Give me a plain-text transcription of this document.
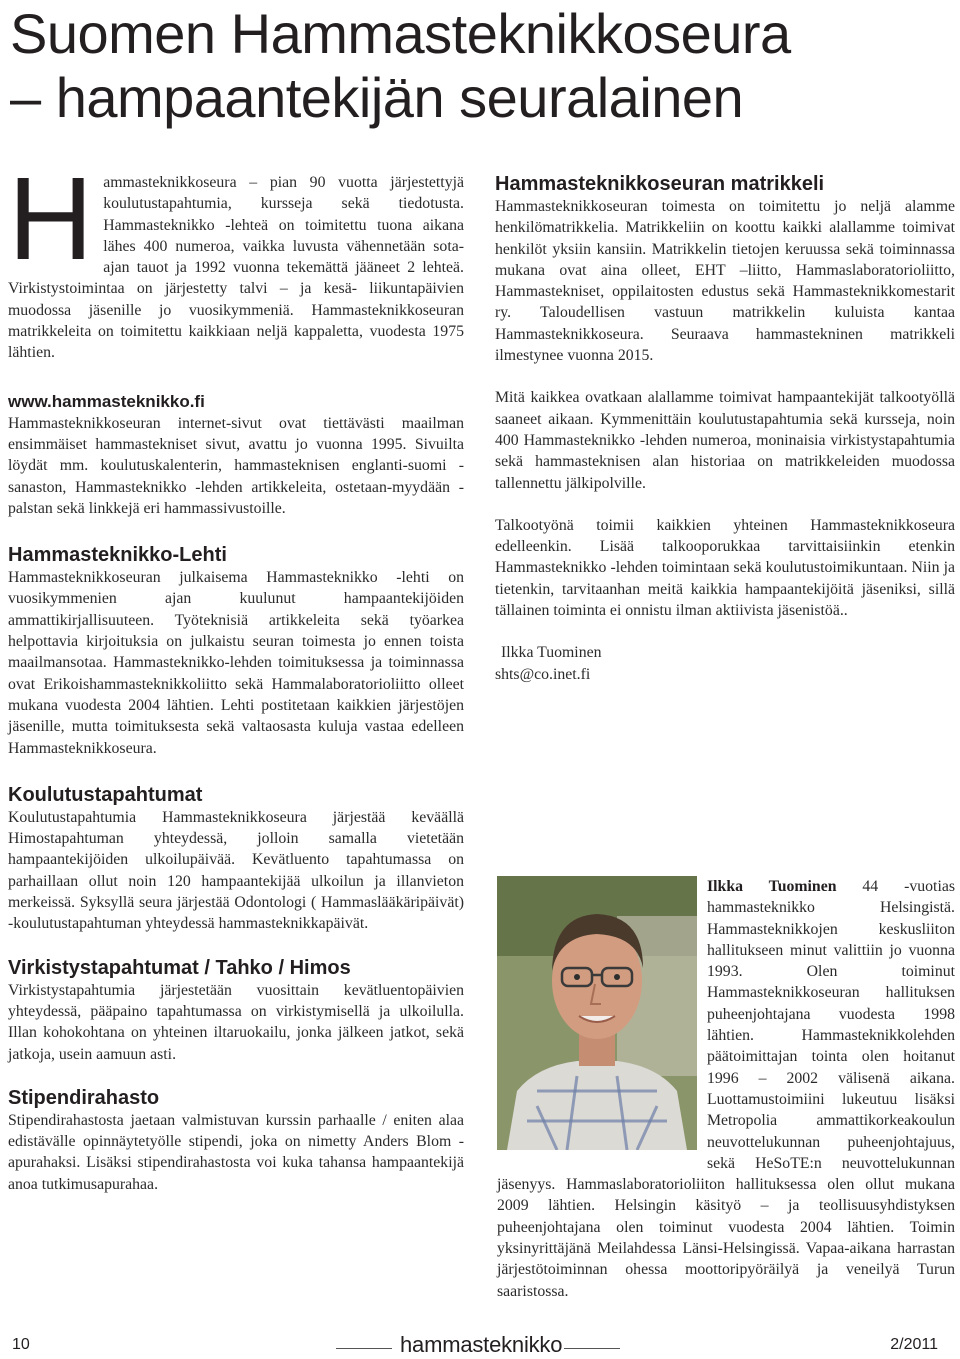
Suomen Hammasteknikkoseura
– hampaantekijän seuralainen

Hammasteknikkoseura – pian 90 vuotta järjestettyjä koulutustapahtumia, kursseja sekä tiedotusta. Hammasteknikko -lehteä on toimitettu tuona aikana lähes 400 numeroa, vaikka luvusta vähennetään sota-ajan tauot ja 1992 vuonna tekemättä jääneet 2 lehteä. Virkistystoimintaa on järjestetty talvi – ja kesä- liikuntapäivien muodossa jäsenille jo vuosikymmeniä. Hammasteknikkoseuran matrikkeleita on toimitettu kaikkiaan neljä kappaletta, vuodesta 1975 lähtien.

www.hammasteknikko.fi

Hammasteknikkoseuran internet-sivut ovat tiettävästi maailman ensimmäiset hammastekniset sivut, avattu jo vuonna 1995. Sivuilta löydät mm. koulutuskalenterin, hammasteknisen englanti-suomi -sanaston, Hammasteknikko -lehden artikkeleita, ostetaan-myydään -palstan sekä linkkejä eri hammassivustoille.

Hammasteknikko-Lehti

Hammasteknikkoseuran julkaisema Hammasteknikko -lehti on vuosikymmenien ajan kuulunut hampaantekijöiden ammattikirjallisuuteen. Työteknisiä artikkeleita sekä työarkea helpottavia kirjoituksia on julkaistu seuran toimesta jo ennen toista maailmansotaa. Hammasteknikko-lehden toimituksessa ja toiminnassa ovat Erikoishammasteknikkoliitto sekä Hammalaboratorioliitto olleet mukana vuodesta 2004 lähtien. Lehti postitetaan kaikkien järjestöjen jäsenille, mutta toimituksesta sekä valtaosasta kuluja vastaa edelleen Hammasteknikkoseura.

Koulutustapahtumat

Koulutustapahtumia Hammasteknikkoseura järjestää keväällä Himostapahtuman yhteydessä, jolloin samalla vietetään hampaantekijöiden ulkoilupäivää. Kevätluento tapahtumassa on parhaillaan ollut noin 120 hampaantekijää ulkoilun ja illanvieton merkeissä. Syksyllä seura järjestää Odontologi ( Hammaslääkäripäivät) -koulutustapahtuman yhteydessä hammasteknikkapäivät.

Virkistystapahtumat / Tahko / Himos

Virkistystapahtumia järjestetään vuosittain kevätluentopäivien yhteydessä, pääpaino tapahtumassa on virkistymisellä ja ulkoilulla. Illan kohokohtana on yhteinen iltaruokailu, jonka jälkeen jatkot, sekä jatkoja, usein aamuun asti.

Stipendirahasto

Stipendirahastosta jaetaan valmistuvan kurssin parhaalle / eniten alaa edistävälle opinnäytetyölle stipendi, joka on nimetty Anders Blom -apurahaksi. Lisäksi stipendirahastosta voi kuka tahansa hampaantekijä anoa tutkimusapurahaa.

Hammasteknikkoseuran matrikkeli

Hammasteknikkoseuran toimesta on toimitettu jo neljä alamme henkilömatrikkelia. Matrikkeliin on koottu kaikki alallamme toimivat henkilöt yksiin kansiin. Matrikkelin tietojen keruussa sekä toiminnassa mukana ovat aina olleet, EHT –liitto, Hammaslaboratorioliitto, Hammastekniset, oppilaitosten edustus sekä Hammasteknikkomestarit ry. Taloudellisen vastuun matrikkelin kuluista kantaa Hammasteknikkoseura. Seuraava hammastekninen matrikkeli ilmestynee vuonna 2015.

Mitä kaikkea ovatkaan alallamme toimivat hampaantekijät talkootyöllä saaneet aikaan. Kymmenittäin koulutustapahtumia sekä kursseja, noin 400 Hammasteknikko -lehden numeroa, moninaisia virkistystapahtumia sekä hammasteknisen alan historiaa on matrikkeleiden muodossa tallennettu jälkipolville.

Talkootyönä toimii kaikkien yhteinen Hammasteknikkoseura edelleenkin. Lisää talkooporukkaa tarvittaisiinkin etenkin Hammasteknikko -lehden toimintaan sekä koulutustoimikuntaan. Niin ja tietenkin, tarvitaanhan meitä kaikkia hampaantekijöitä jäseniksi, sillä tällainen toiminta ei onnistu ilman aktiivista jäsenistöä..

Ilkka Tuominen

shts@co.inet.fi

Ilkka Tuominen 44 -vuotias hammasteknikko Helsingistä. Hammasteknikkojen keskusliiton hallitukseen minut valittiin jo vuonna 1993. Olen toiminut Hammasteknikkoseuran hallituksen puheenjohtajana vuodesta 1998 lähtien. Hammasteknikkolehden päätoimittajan tointa olen hoitanut 1996 – 2002 välisenä aikana. Luottamustoimiini lukeutuu lisäksi Metropolia ammattikorkeakoulun neuvottelukunnan puheenjohtajuus, sekä HeSoTE:n neuvottelukunnan jäsenyys. Hammaslaboratorioliiton hallituksessa olen ollut mukana 2009 lähtien. Helsingin käsityö – ja teollisuusyhdistyksen puheenjohtajana olen toiminut vuodesta 2004 lähtien. Toimin yksinyrittäjänä Meilahdessa Länsi-Helsingissä. Vapaa-aikana harrastan järjestötoiminnan ohessa moottoripyöräilyä ja veneilyä Turun saaristossa.
10	hammasteknikko	2/2011
